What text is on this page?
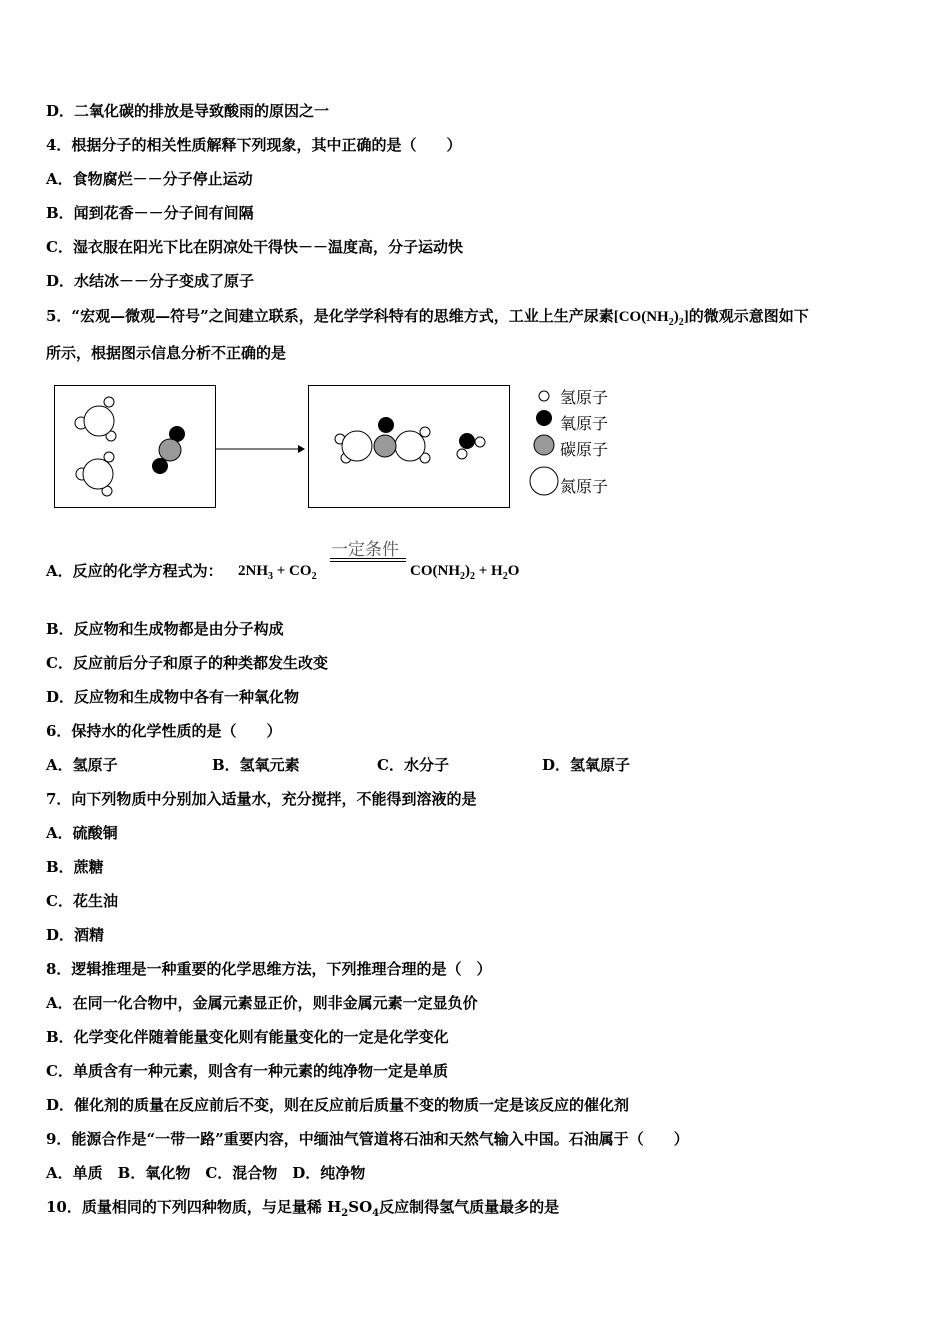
D．二氧化碳的排放是导致酸雨的原因之一
4．根据分子的相关性质解释下列现象，其中正确的是（　　）
A．食物腐烂－－分子停止运动
B．闻到花香－－分子间有间隔
C．湿衣服在阳光下比在阴凉处干得快－－温度高，分子运动快
D．水结冰－－分子变成了原子
5．“宏观—微观—符号”之间建立联系，是化学学科特有的思维方式，工业上生产尿素$[CO(NH_2)_2]$的微观示意图如下
所示，根据图示信息分析不正确的是
氢原子
氧原子
碳原子
氮原子
A．反应的化学方程式为： $2NH_3 + CO_2$
一定条件
$CO(NH_2)_2 + H_2O$
B．反应物和生成物都是由分子构成
C．反应前后分子和原子的种类都发生改变
D．反应物和生成物中各有一种氧化物
6．保持水的化学性质的是（　　）
A．氢原子	B．氢氧元素	C．水分子	D．氢氧原子
7．向下列物质中分别加入适量水，充分搅拌，不能得到溶液的是
A．硫酸铜
B．蔗糖
C．花生油
D．酒精
8．逻辑推理是一种重要的化学思维方法，下列推理合理的是（　）
A．在同一化合物中，金属元素显正价，则非金属元素一定显负价
B．化学变化伴随着能量变化则有能量变化的一定是化学变化
C．单质含有一种元素，则含有一种元素的纯净物一定是单质
D．催化剂的质量在反应前后不变，则在反应前后质量不变的物质一定是该反应的催化剂
9．能源合作是“一带一路”重要内容，中缅油气管道将石油和天然气输入中国。石油属于（　　）
A．单质　B．氧化物　C．混合物　D．纯净物
10．质量相同的下列四种物质，与足量稀 $H_2SO_4$反应制得氢气质量最多的是
